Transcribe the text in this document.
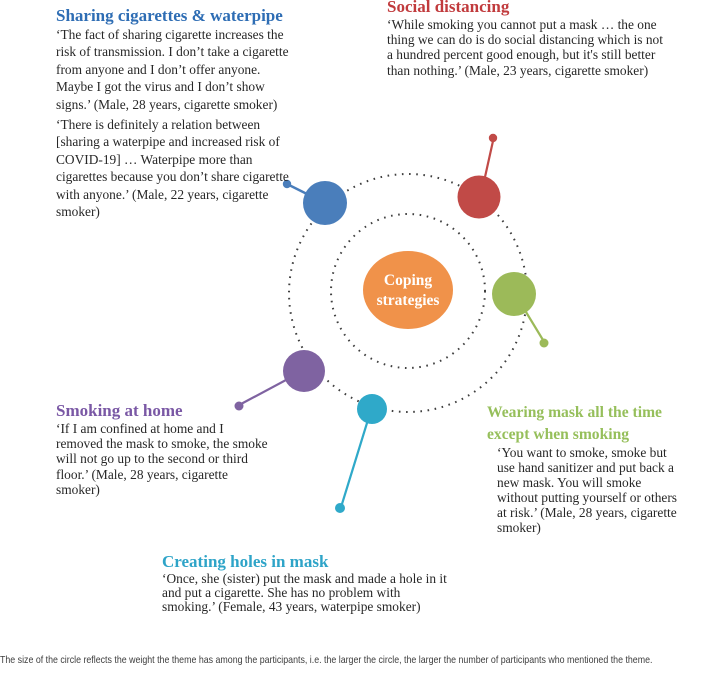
Coping strategies
Sharing cigarettes & waterpipe

‘The fact of sharing cigarette increases the risk of transmission. I don’t take a cigarette from anyone and I don’t offer anyone. Maybe I got the virus and I don’t show signs.’ (Male, 28 years, cigarette smoker)

‘There is definitely a relation between [sharing a waterpipe and increased risk of COVID-19] … Waterpipe more than cigarettes because you don’t share cigarette with anyone.’ (Male, 22 years, cigarette smoker)

Social distancing

‘While smoking you cannot put a mask … the one thing we can do is do social distancing which is not a hundred percent good enough, but it's still better than nothing.’ (Male, 23 years, cigarette smoker)

Wearing mask all the time except when smoking

‘You want to smoke, smoke but use hand sanitizer and put back a new mask. You will smoke without putting yourself or others at risk.’ (Male, 28 years, cigarette smoker)

Smoking at home

‘If I am confined at home and I removed the mask to smoke, the smoke will not go up to the second or third floor.’ (Male, 28 years, cigarette smoker)

Creating holes in mask

‘Once, she (sister) put the mask and made a hole in it and put a cigarette. She has no problem with smoking.’ (Female, 43 years, waterpipe smoker)

The size of the circle reflects the weight the theme has among the participants, i.e. the larger the circle, the larger the number of participants who mentioned the theme.
